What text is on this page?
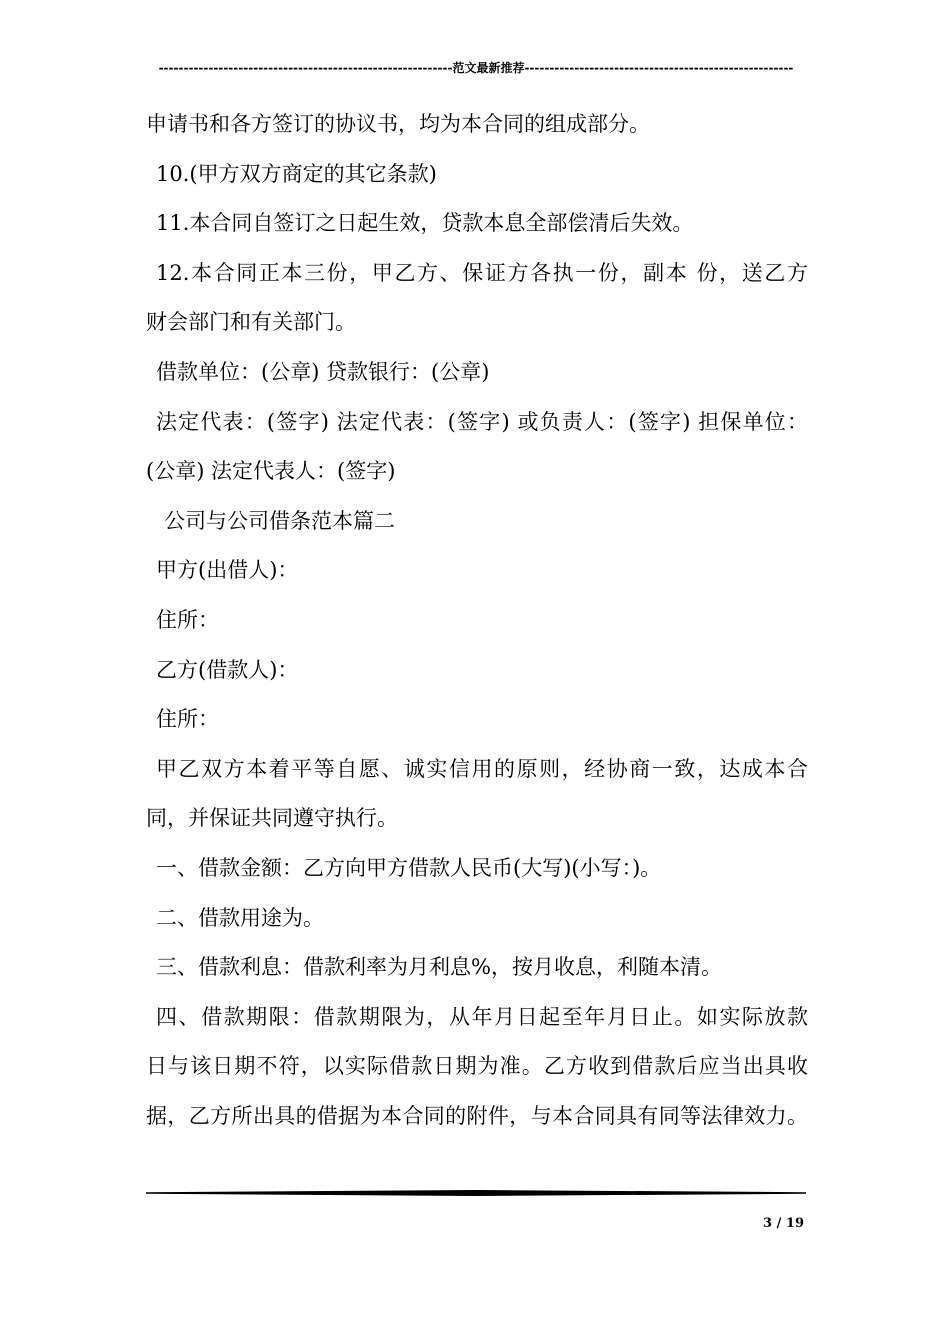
-----------------------------------------------------------范文最新推荐------------------------------------------------------
申请书和各方签订的协议书，均为本合同的组成部分。
10.(甲方双方商定的其它条款)
11.本合同自签订之日起生效，贷款本息全部偿清后失效。
12.本合同正本三份，甲乙方、保证方各执一份，副本 份，送乙方
财会部门和有关部门。
借款单位：(公章) 贷款银行：(公章)
法定代表：(签字) 法定代表：(签字) 或负责人：(签字) 担保单位：
(公章) 法定代表人：(签字)
公司与公司借条范本篇二
甲方(出借人)：
住所：
乙方(借款人)：
住所：
甲乙双方本着平等自愿、诚实信用的原则，经协商一致，达成本合
同，并保证共同遵守执行。
一、借款金额：乙方向甲方借款人民币(大写)(小写：)。
二、借款用途为。
三、借款利息：借款利率为月利息%，按月收息，利随本清。
四、借款期限：借款期限为，从年月日起至年月日止。如实际放款
日与该日期不符，以实际借款日期为准。乙方收到借款后应当出具收
据，乙方所出具的借据为本合同的附件，与本合同具有同等法律效力。
3 / 19
